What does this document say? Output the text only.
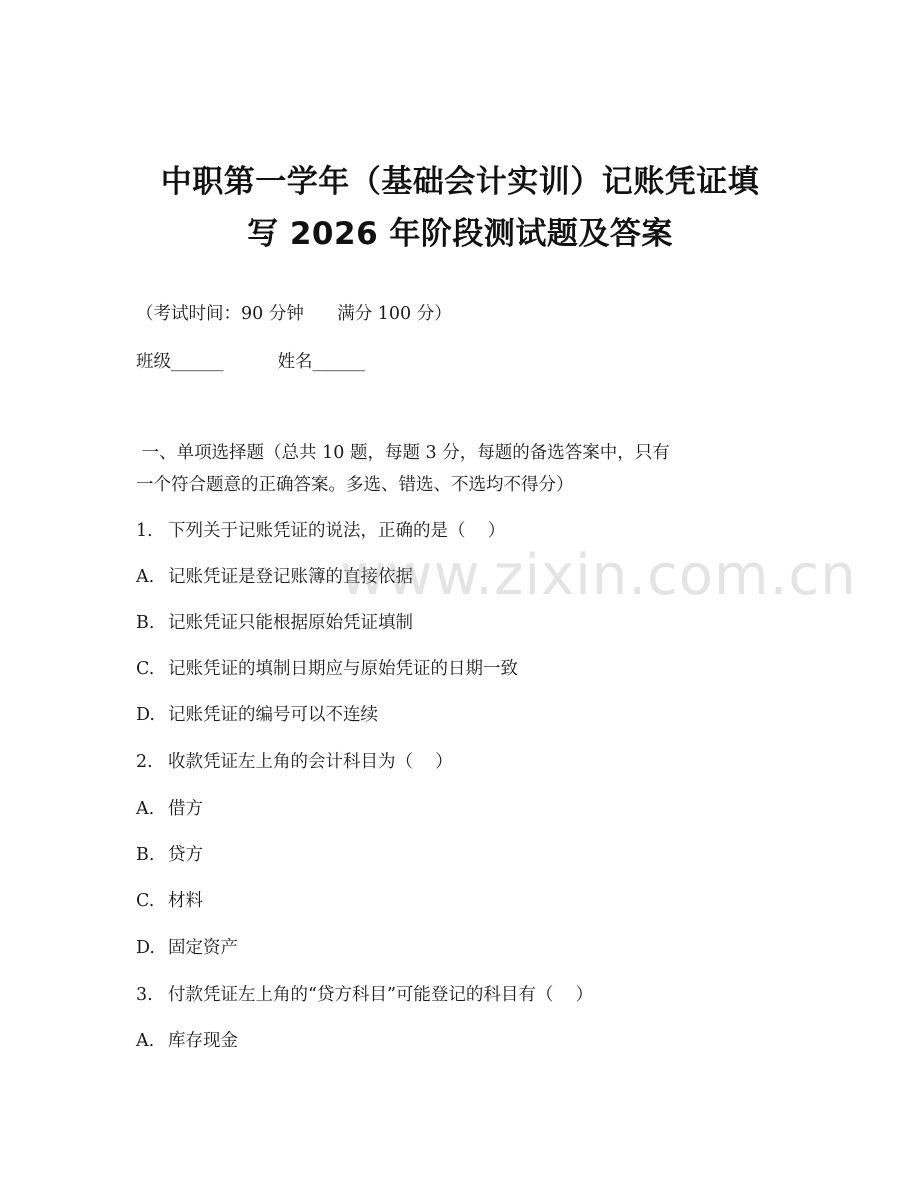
中职第一学年（基础会计实训）记账凭证填
写 2026 年阶段测试题及答案
（考试时间：90 分钟      满分 100 分）
班级______	姓名______
一、单项选择题（总共 10 题，每题 3 分，每题的备选答案中，只有
一个符合题意的正确答案。多选、错选、不选均不得分）
1. 下列关于记账凭证的说法，正确的是（    ）
A. 记账凭证是登记账簿的直接依据
B. 记账凭证只能根据原始凭证填制
C. 记账凭证的填制日期应与原始凭证的日期一致
D. 记账凭证的编号可以不连续
2. 收款凭证左上角的会计科目为（    ）
A. 借方
B. 贷方
C. 材料
D. 固定资产
3. 付款凭证左上角的“贷方科目”可能登记的科目有（    ）
A. 库存现金
www.zixin.com.cn
